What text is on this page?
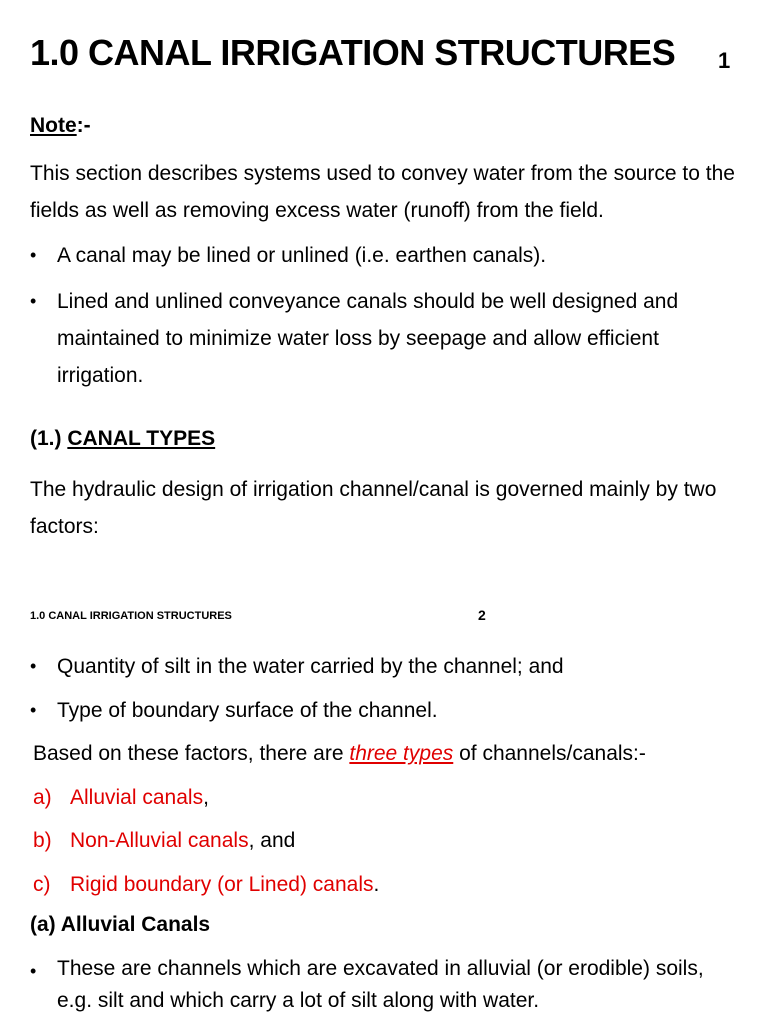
1.0 CANAL IRRIGATION STRUCTURES 1
Note:-
This section describes systems used to convey water from the source to the fields as well as removing excess water (runoff) from the field.
• A canal may be lined or unlined (i.e. earthen canals).
• Lined and unlined conveyance canals should be well designed and maintained to minimize water loss by seepage and allow efficient irrigation.
(1.) CANAL TYPES
The hydraulic design of irrigation channel/canal is governed mainly by two factors:
1.0 CANAL IRRIGATION STRUCTURES	2
• Quantity of silt in the water carried by the channel; and
• Type of boundary surface of the channel.
Based on these factors, there are three types of channels/canals:-
a) Alluvial canals,
b) Non-Alluvial canals, and
c) Rigid boundary (or Lined) canals.
(a) Alluvial Canals
• These are channels which are excavated in alluvial (or erodible) soils, e.g. silt and which carry a lot of silt along with water.
